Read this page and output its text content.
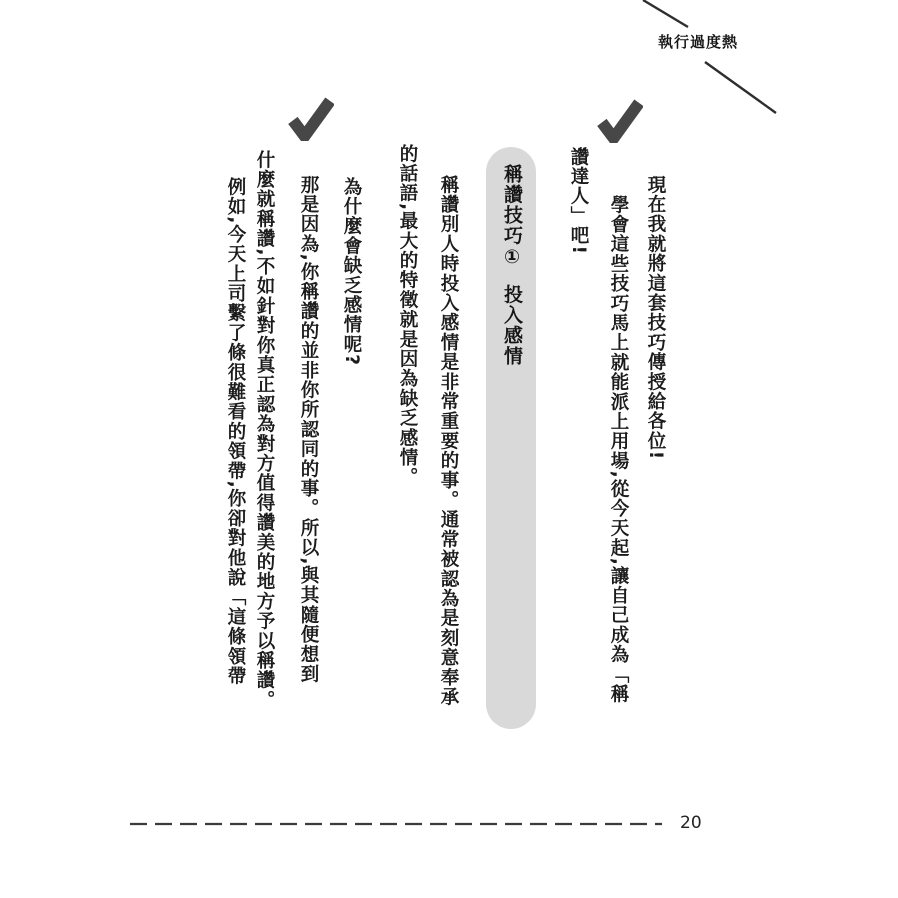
執行過度熱
現在我就將這套技巧傳授給各位!
學會這些技巧馬上就能派上用場,從今天起,讓自己成為「稱
讚達人」吧!
稱讚技巧①投入感情
稱讚別人時投入感情是非常重要的事。通常被認為是刻意奉承
的話語,最大的特徵就是因為缺乏感情。
為什麼會缺乏感情呢?
那是因為,你稱讚的並非你所認同的事。所以,與其隨便想到
什麼就稱讚,不如針對你真正認為對方值得讚美的地方予以稱讚。
例如,今天上司繫了條很難看的領帶,你卻對他說「這條領帶
20
